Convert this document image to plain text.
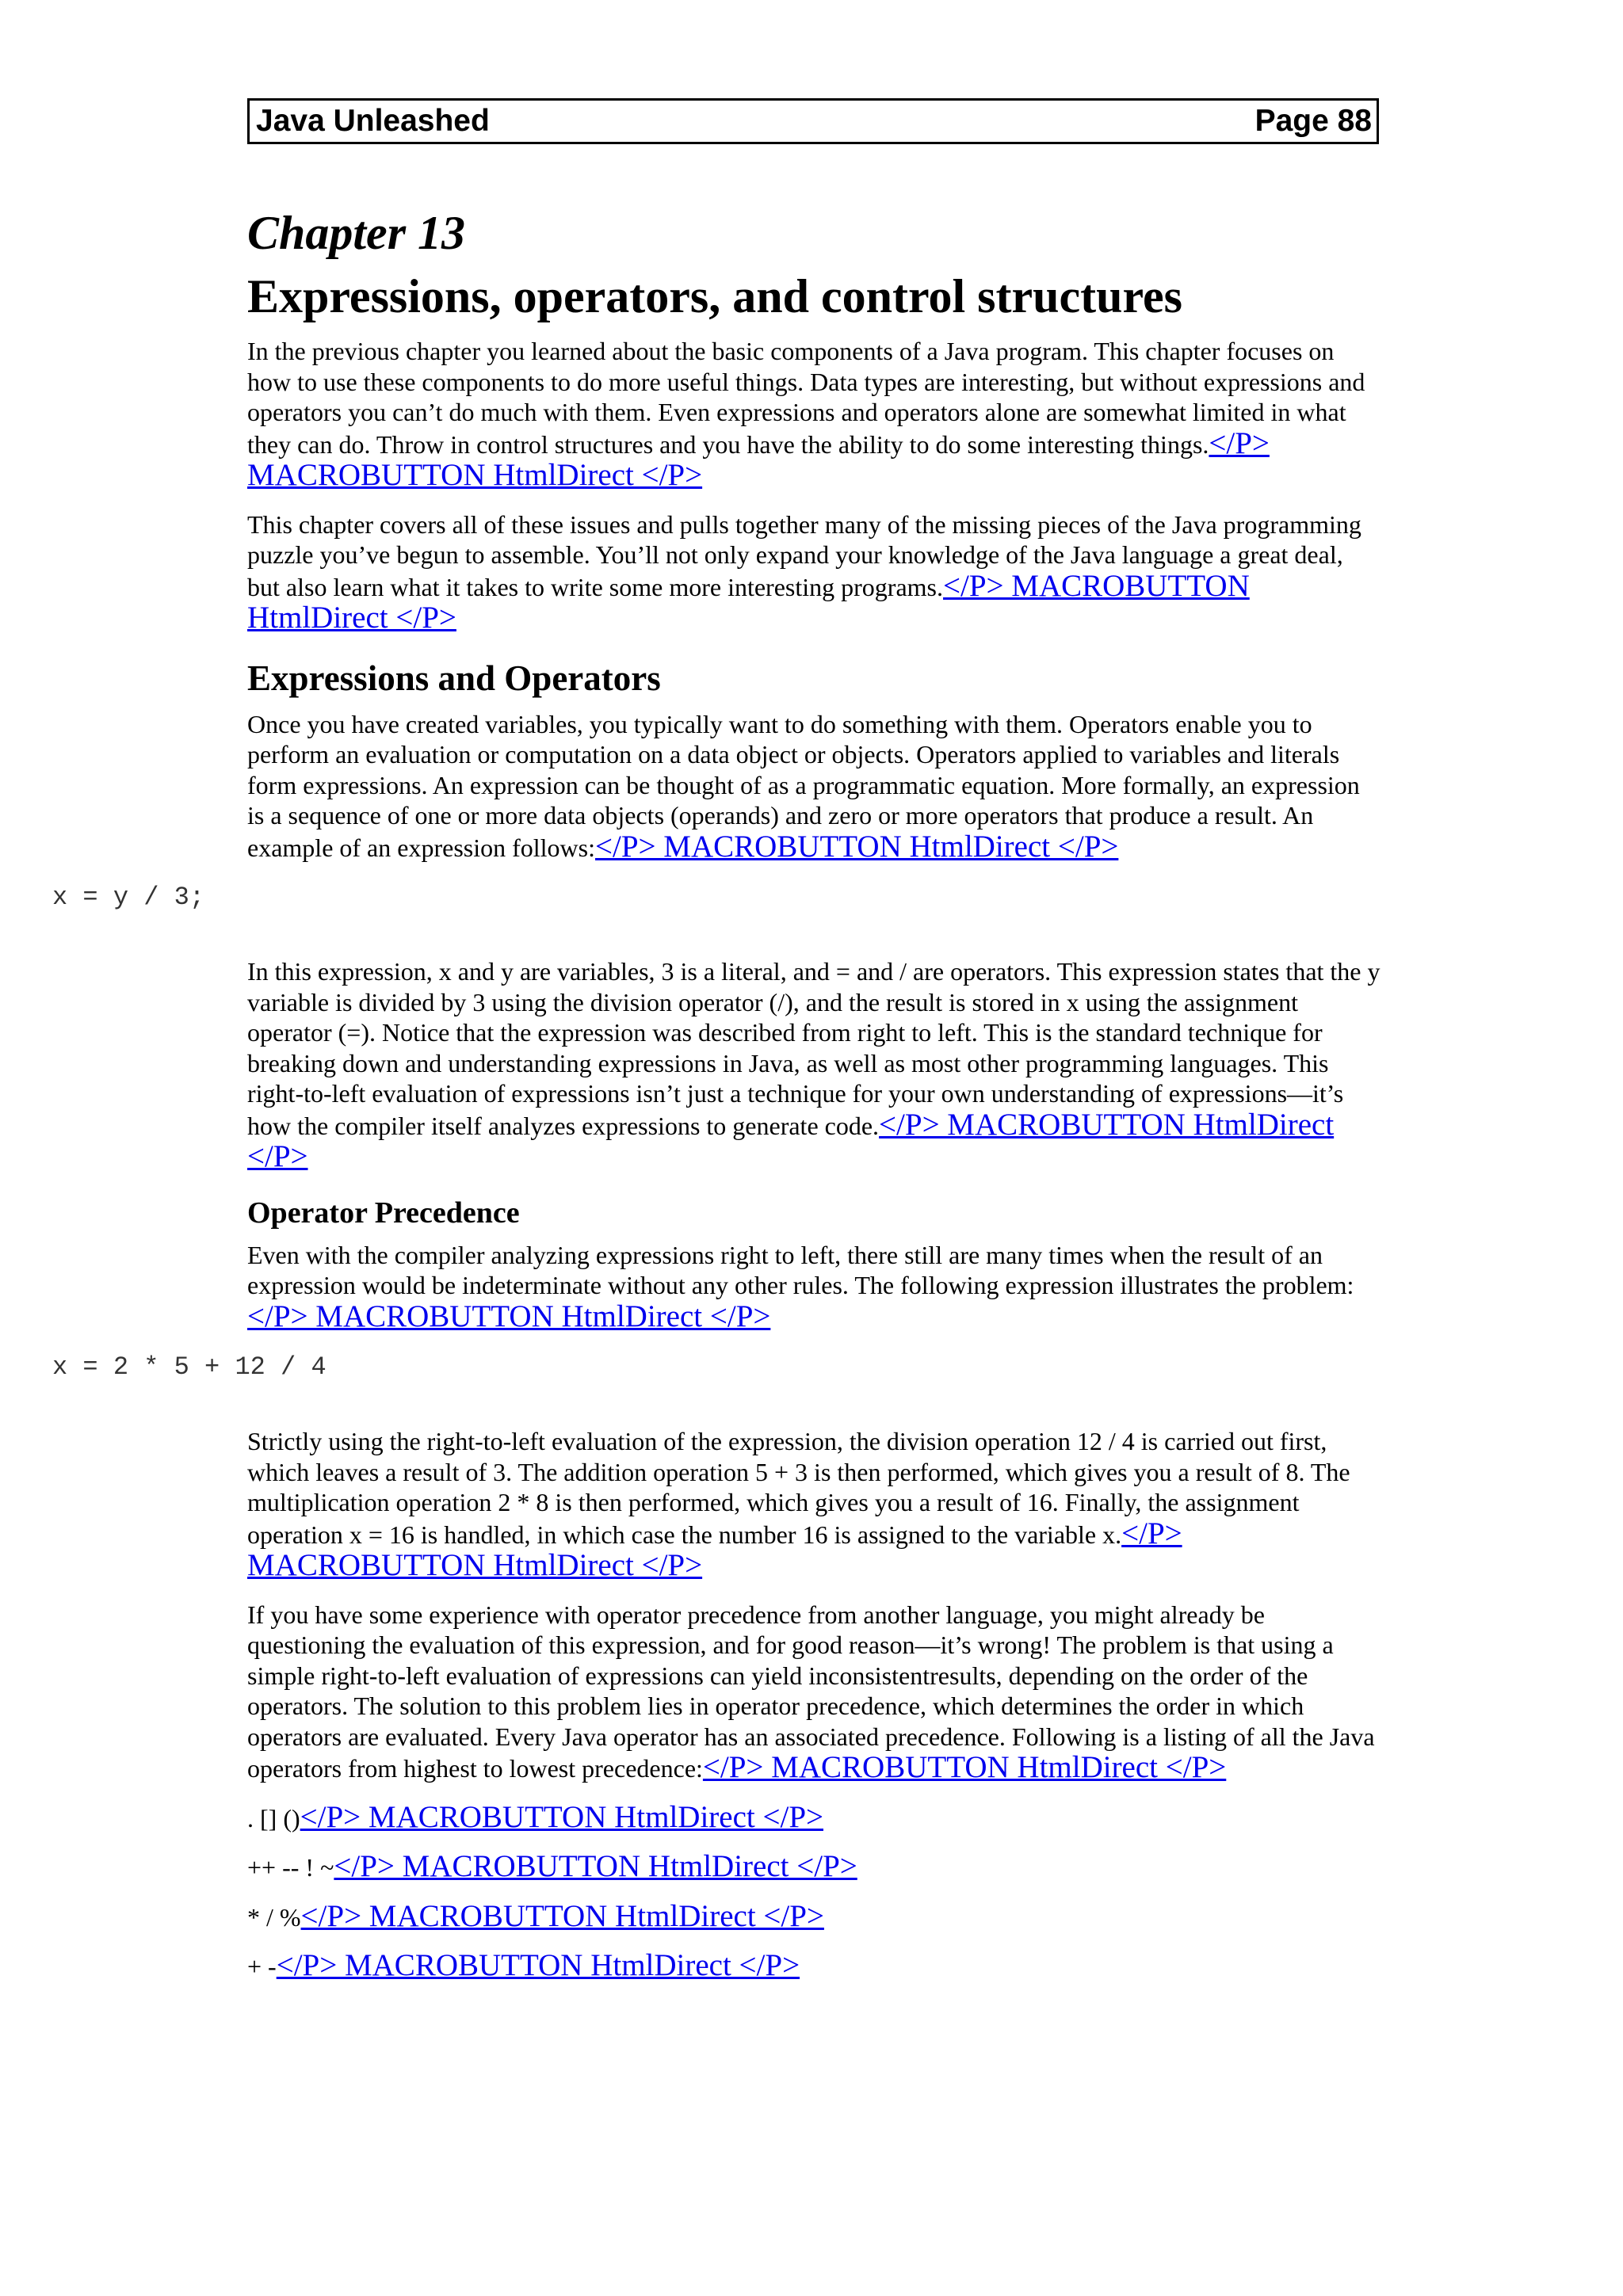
Java Unleashed	Page 88
Chapter 13
Expressions, operators, and control structures

In the previous chapter you learned about the basic components of a Java program. This chapter focuses on how to use these components to do more useful things. Data types are interesting, but without expressions and operators you can’t do much with them. Even expressions and operators alone are somewhat limited in what they can do. Throw in control structures and you have the ability to do some interesting things.</P> MACROBUTTON HtmlDirect </P>

This chapter covers all of these issues and pulls together many of the missing pieces of the Java programming puzzle you’ve begun to assemble. You’ll not only expand your knowledge of the Java language a great deal, but also learn what it takes to write some more interesting programs.</P> MACROBUTTON HtmlDirect </P>

Expressions and Operators

Once you have created variables, you typically want to do something with them. Operators enable you to perform an evaluation or computation on a data object or objects. Operators applied to variables and literals form expressions. An expression can be thought of as a programmatic equation. More formally, an expression is a sequence of one or more data objects (operands) and zero or more operators that produce a result. An example of an expression follows:</P> MACROBUTTON HtmlDirect </P>

x = y / 3;

In this expression, x and y are variables, 3 is a literal, and = and / are operators. This expression states that the y variable is divided by 3 using the division operator (/), and the result is stored in x using the assignment operator (=). Notice that the expression was described from right to left. This is the standard technique for breaking down and understanding expressions in Java, as well as most other programming languages. This right-to-left evaluation of expressions isn’t just a technique for your own understanding of expressions—it’s how the compiler itself analyzes expressions to generate code.</P> MACROBUTTON HtmlDirect </P>

Operator Precedence

Even with the compiler analyzing expressions right to left, there still are many times when the result of an expression would be indeterminate without any other rules. The following expression illustrates the problem:</P> MACROBUTTON HtmlDirect </P>

x = 2 * 5 + 12 / 4

Strictly using the right-to-left evaluation of the expression, the division operation 12 / 4 is carried out first, which leaves a result of 3. The addition operation 5 + 3 is then performed, which gives you a result of 8. The multiplication operation 2 * 8 is then performed, which gives you a result of 16. Finally, the assignment operation x = 16 is handled, in which case the number 16 is assigned to the variable x.</P> MACROBUTTON HtmlDirect </P>

If you have some experience with operator precedence from another language, you might already be questioning the evaluation of this expression, and for good reason—it’s wrong! The problem is that using a simple right-to-left evaluation of expressions can yield inconsistentresults, depending on the order of the operators. The solution to this problem lies in operator precedence, which determines the order in which operators are evaluated. Every Java operator has an associated precedence. Following is a listing of all the Java operators from highest to lowest precedence:</P> MACROBUTTON HtmlDirect </P>

. [] ()</P> MACROBUTTON HtmlDirect </P>

++ -- ! ~</P> MACROBUTTON HtmlDirect </P>

* / %</P> MACROBUTTON HtmlDirect </P>

+ -</P> MACROBUTTON HtmlDirect </P>
